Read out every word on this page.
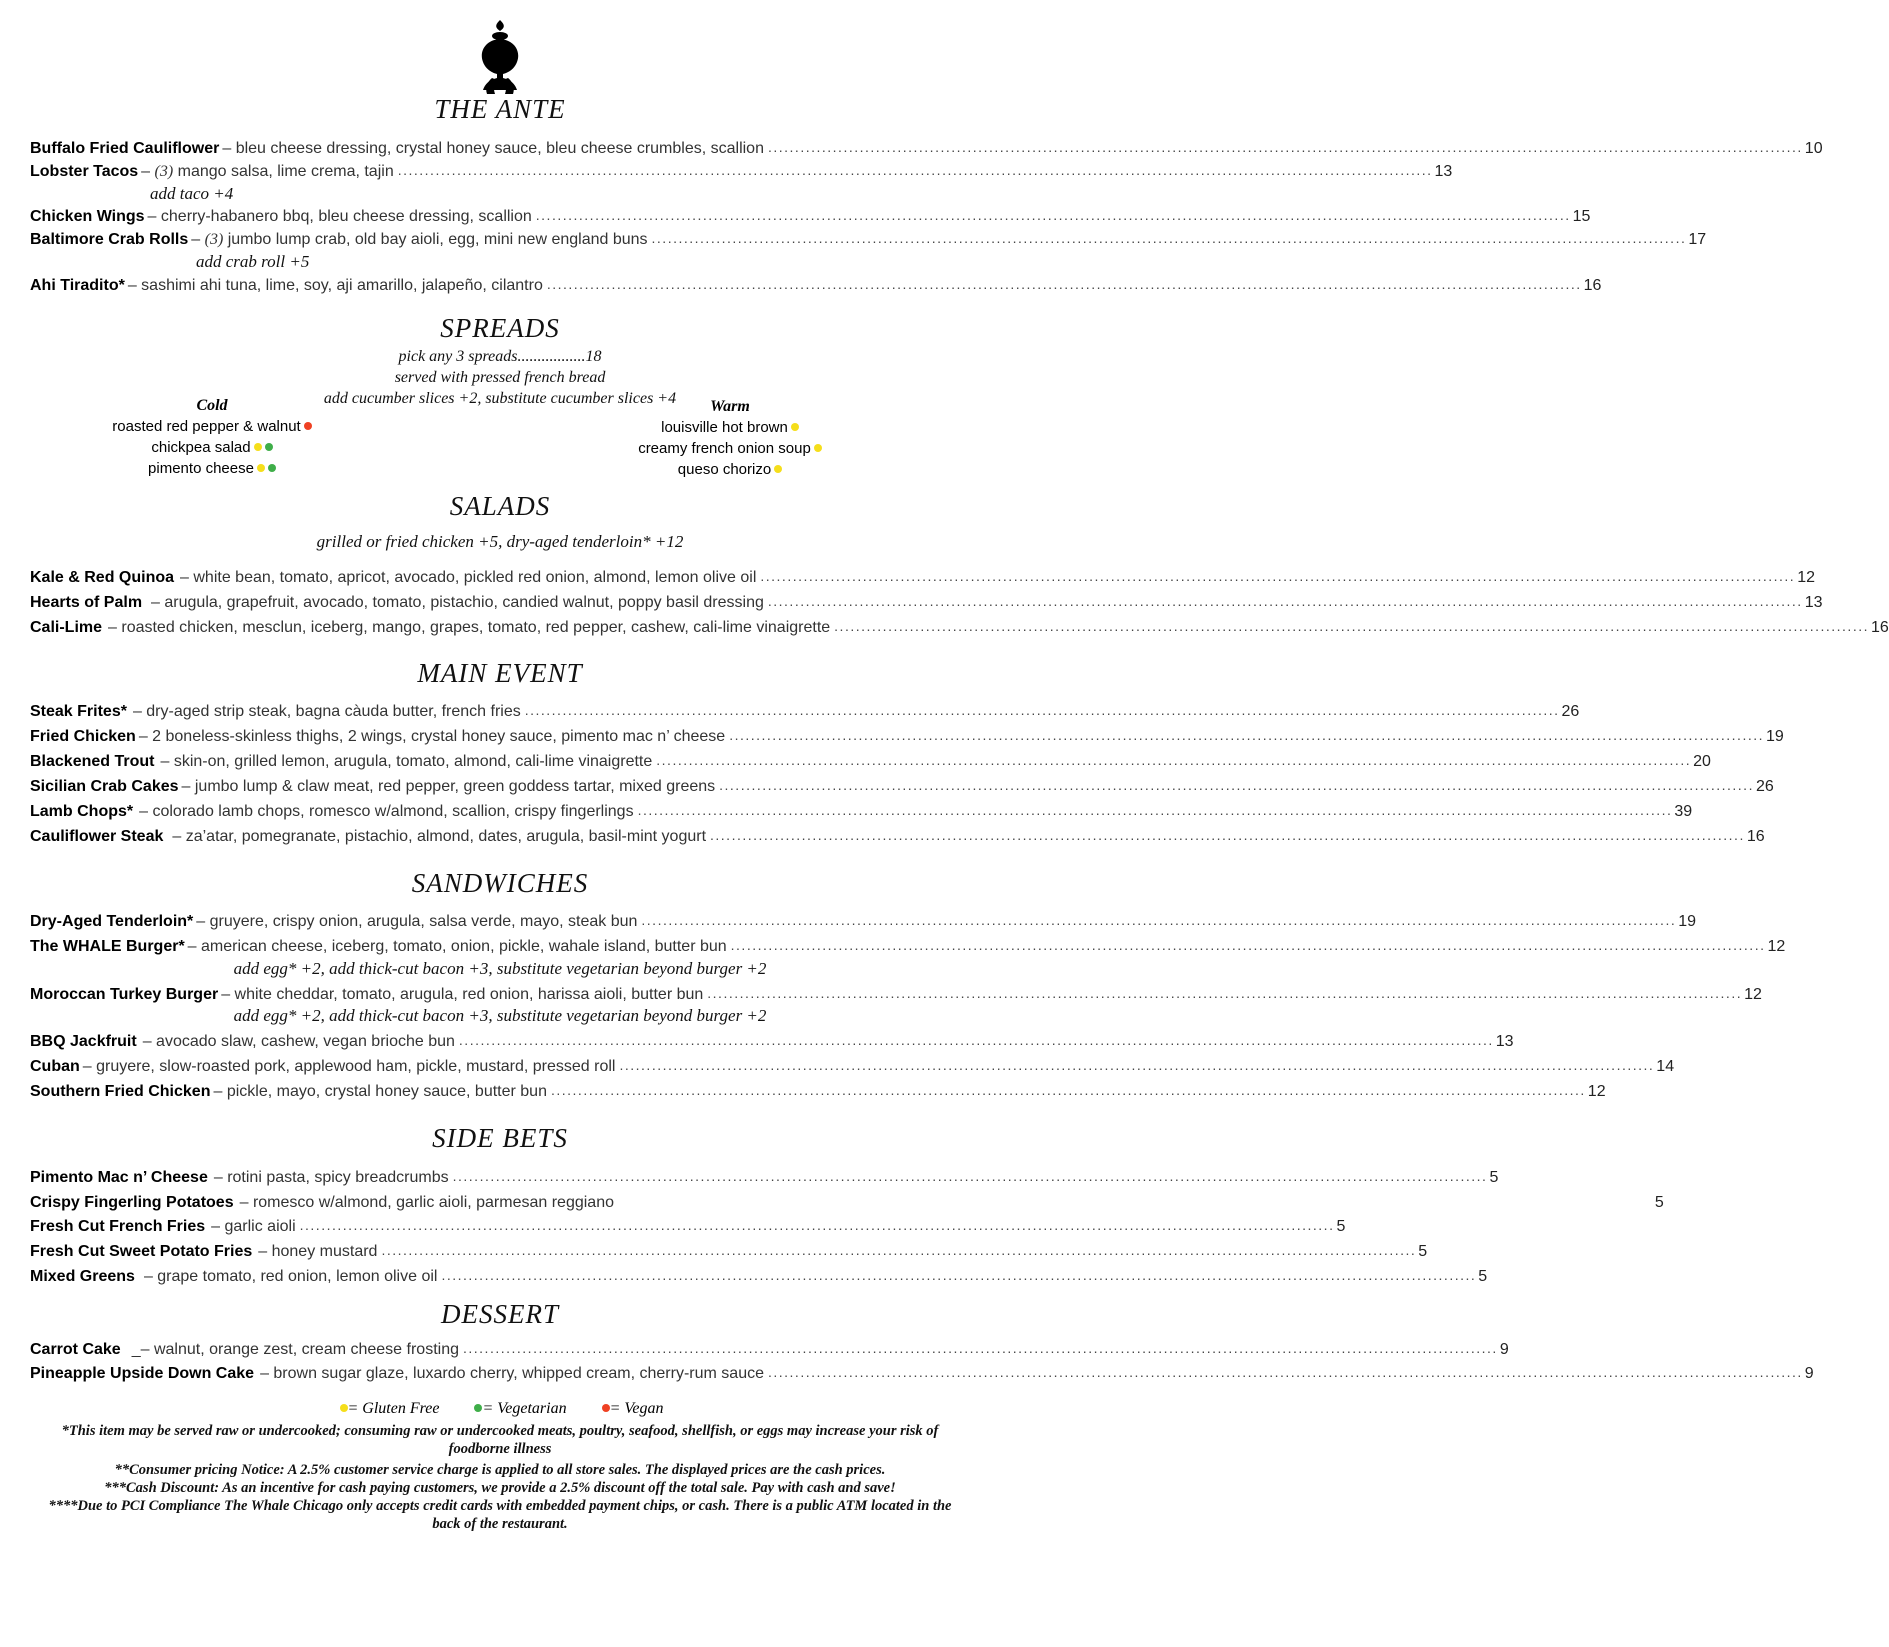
THE ANTE
Buffalo Fried Cauliflower – bleu cheese dressing, crystal honey sauce, bleu cheese crumbles, scallion ................................................................................................................................................................................................ 10
Lobster Tacos – (3) mango salsa, lime crema, tajin ................................................................................................................................................................................................ 13
add taco +4
Chicken Wings – cherry-habanero bbq, bleu cheese dressing, scallion ................................................................................................................................................................................................ 15
Baltimore Crab Rolls – (3) jumbo lump crab, old bay aioli, egg, mini new england buns ................................................................................................................................................................................................ 17
add crab roll +5
Ahi Tiradito* – sashimi ahi tuna, lime, soy, aji amarillo, jalapeño, cilantro ................................................................................................................................................................................................ 16
SPREADS
pick any 3 spreads.................18
served with pressed french bread
add cucumber slices +2, substitute cucumber slices +4
Cold
roasted red pepper & walnut
chickpea salad
pimento cheese
Warm
louisville hot brown
creamy french onion soup
queso chorizo
SALADS
grilled or fried chicken +5, dry-aged tenderloin* +12
Kale & Red Quinoa – white bean, tomato, apricot, avocado, pickled red onion, almond, lemon olive oil ................................................................................................................................................................................................ 12
Hearts of Palm – arugula, grapefruit, avocado, tomato, pistachio, candied walnut, poppy basil dressing ................................................................................................................................................................................................ 13
Cali-Lime – roasted chicken, mesclun, iceberg, mango, grapes, tomato, red pepper, cashew, cali-lime vinaigrette ................................................................................................................................................................................................ 16
MAIN EVENT
Steak Frites* – dry-aged strip steak, bagna càuda butter, french fries ................................................................................................................................................................................................ 26
Fried Chicken – 2 boneless-skinless thighs, 2 wings, crystal honey sauce, pimento mac n’ cheese ................................................................................................................................................................................................ 19
Blackened Trout – skin-on, grilled lemon, arugula, tomato, almond, cali-lime vinaigrette ................................................................................................................................................................................................ 20
Sicilian Crab Cakes – jumbo lump & claw meat, red pepper, green goddess tartar, mixed greens ................................................................................................................................................................................................ 26
Lamb Chops* – colorado lamb chops, romesco w/almond, scallion, crispy fingerlings ................................................................................................................................................................................................ 39
Cauliflower Steak – za’atar, pomegranate, pistachio, almond, dates, arugula, basil-mint yogurt ................................................................................................................................................................................................ 16
SANDWICHES
Dry-Aged Tenderloin* – gruyere, crispy onion, arugula, salsa verde, mayo, steak bun ................................................................................................................................................................................................ 19
The WHALE Burger* – american cheese, iceberg, tomato, onion, pickle, wahale island, butter bun ................................................................................................................................................................................................ 12
add egg* +2, add thick-cut bacon +3, substitute vegetarian beyond burger +2
Moroccan Turkey Burger – white cheddar, tomato, arugula, red onion, harissa aioli, butter bun ................................................................................................................................................................................................ 12
add egg* +2, add thick-cut bacon +3, substitute vegetarian beyond burger +2
BBQ Jackfruit – avocado slaw, cashew, vegan brioche bun ................................................................................................................................................................................................ 13
Cuban – gruyere, slow-roasted pork, applewood ham, pickle, mustard, pressed roll ................................................................................................................................................................................................ 14
Southern Fried Chicken – pickle, mayo, crystal honey sauce, butter bun ................................................................................................................................................................................................ 12
SIDE BETS
Pimento Mac n’ Cheese – rotini pasta, spicy breadcrumbs ................................................................................................................................................................................................ 5
Crispy Fingerling Potatoes – romesco w/almond, garlic aioli, parmesan reggiano	5
Fresh Cut French Fries – garlic aioli ................................................................................................................................................................................................ 5
Fresh Cut Sweet Potato Fries – honey mustard ................................................................................................................................................................................................ 5
Mixed Greens – grape tomato, red onion, lemon olive oil ................................................................................................................................................................................................ 5
DESSERT
Carrot Cake _– walnut, orange zest, cream cheese frosting ................................................................................................................................................................................................ 9
Pineapple Upside Down Cake – brown sugar glaze, luxardo cherry, whipped cream, cherry-rum sauce ................................................................................................................................................................................................ 9
= Gluten Free	= Vegetarian	= Vegan

*This item may be served raw or undercooked; consuming raw or undercooked meats, poultry, seafood, shellfish, or eggs may increase your risk of foodborne illness

**Consumer pricing Notice: A 2.5% customer service charge is applied to all store sales. The displayed prices are the cash prices.

***Cash Discount: As an incentive for cash paying customers, we provide a 2.5% discount off the total sale. Pay with cash and save!

****Due to PCI Compliance The Whale Chicago only accepts credit cards with embedded payment chips, or cash. There is a public ATM located in the back of the restaurant.
